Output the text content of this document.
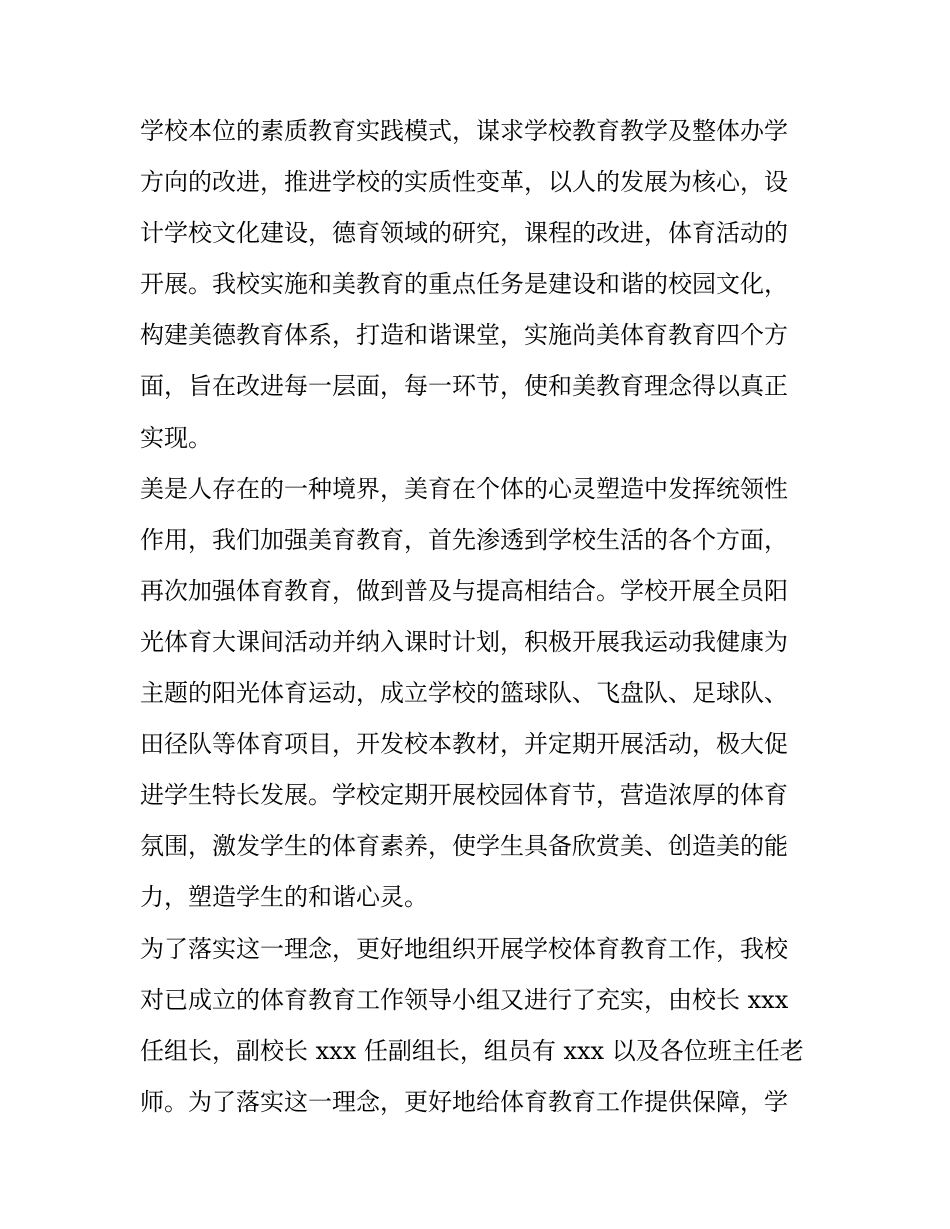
学校本位的素质教育实践模式，谋求学校教育教学及整体办学
方向的改进，推进学校的实质性变革，以人的发展为核心，设
计学校文化建设，德育领域的研究，课程的改进，体育活动的
开展。我校实施和美教育的重点任务是建设和谐的校园文化，
构建美德教育体系，打造和谐课堂，实施尚美体育教育四个方
面，旨在改进每一层面，每一环节，使和美教育理念得以真正
实现。
美是人存在的一种境界，美育在个体的心灵塑造中发挥统领性
作用，我们加强美育教育，首先渗透到学校生活的各个方面，
再次加强体育教育，做到普及与提高相结合。学校开展全员阳
光体育大课间活动并纳入课时计划，积极开展我运动我健康为
主题的阳光体育运动，成立学校的篮球队、飞盘队、足球队、
田径队等体育项目，开发校本教材，并定期开展活动，极大促
进学生特长发展。学校定期开展校园体育节，营造浓厚的体育
氛围，激发学生的体育素养，使学生具备欣赏美、创造美的能
力，塑造学生的和谐心灵。
为了落实这一理念，更好地组织开展学校体育教育工作，我校
对已成立的体育教育工作领导小组又进行了充实，由校长 xxx
任组长，副校长 xxx 任副组长，组员有 xxx 以及各位班主任老
师。为了落实这一理念，更好地给体育教育工作提供保障，学
